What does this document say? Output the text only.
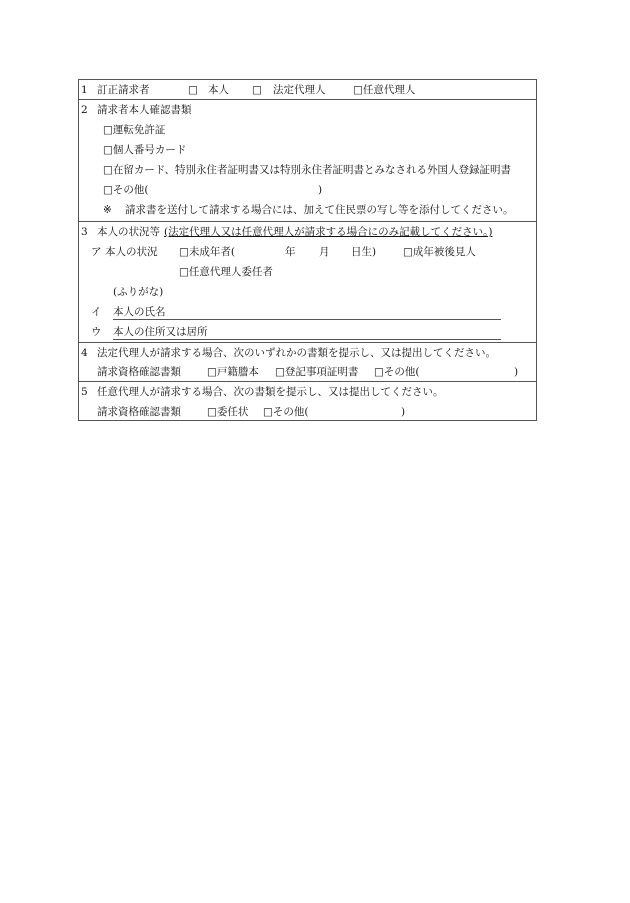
1 訂正請求者	□ 本人 □ 法定代理人	□任意代理人
2 請求者本人確認書類
□運転免許証
□個人番号カード
□在留カード、特別永住者証明書又は特別永住者証明書とみなされる外国人登録証明書
□その他(	)
※ 請求書を送付して請求する場合には、加えて住民票の写し等を添付してください。
3 本人の状況等 (法定代理人又は任意代理人が請求する場合にのみ記載してください。)
ア 本人の状況 □未成年者(	年 月 日生)	□成年被後見人
□任意代理人委任者
(ふりがな)
イ 本人の氏名
ウ 本人の住所又は居所
4 法定代理人が請求する場合、次のいずれかの書類を提示し、又は提出してください。
請求資格確認書類 □戸籍謄本 □登記事項証明書 □その他(	)
5 任意代理人が請求する場合、次の書類を提示し、又は提出してください。
請求資格確認書類 □委任状 □その他(	)
